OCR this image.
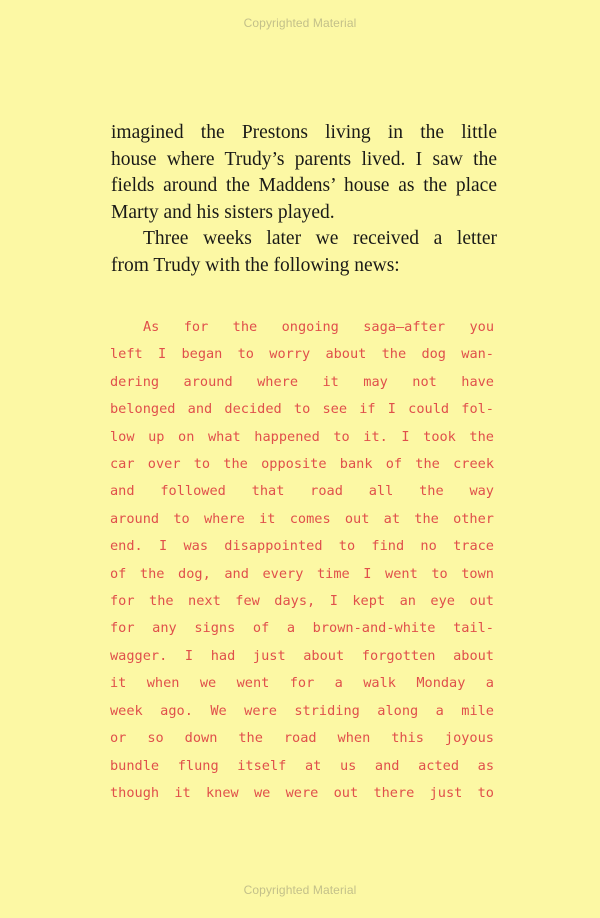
Copyrighted Material

imagined the Prestons living in the little
house where Trudy’s parents lived. I saw the
fields around the Maddens’ house as the place
Marty and his sisters played.

Three weeks later we received a letter
from Trudy with the following news:

As for the ongoing saga—after you
left I began to worry about the dog wan-
dering around where it may not have
belonged and decided to see if I could fol-
low up on what happened to it. I took the
car over to the opposite bank of the creek
and followed that road all the way
around to where it comes out at the other
end. I was disappointed to find no trace
of the dog, and every time I went to town
for the next few days, I kept an eye out
for any signs of a brown-and-white tail-
wagger. I had just about forgotten about
it when we went for a walk Monday a
week ago. We were striding along a mile
or so down the road when this joyous
bundle flung itself at us and acted as
though it knew we were out there just to
Copyrighted Material
